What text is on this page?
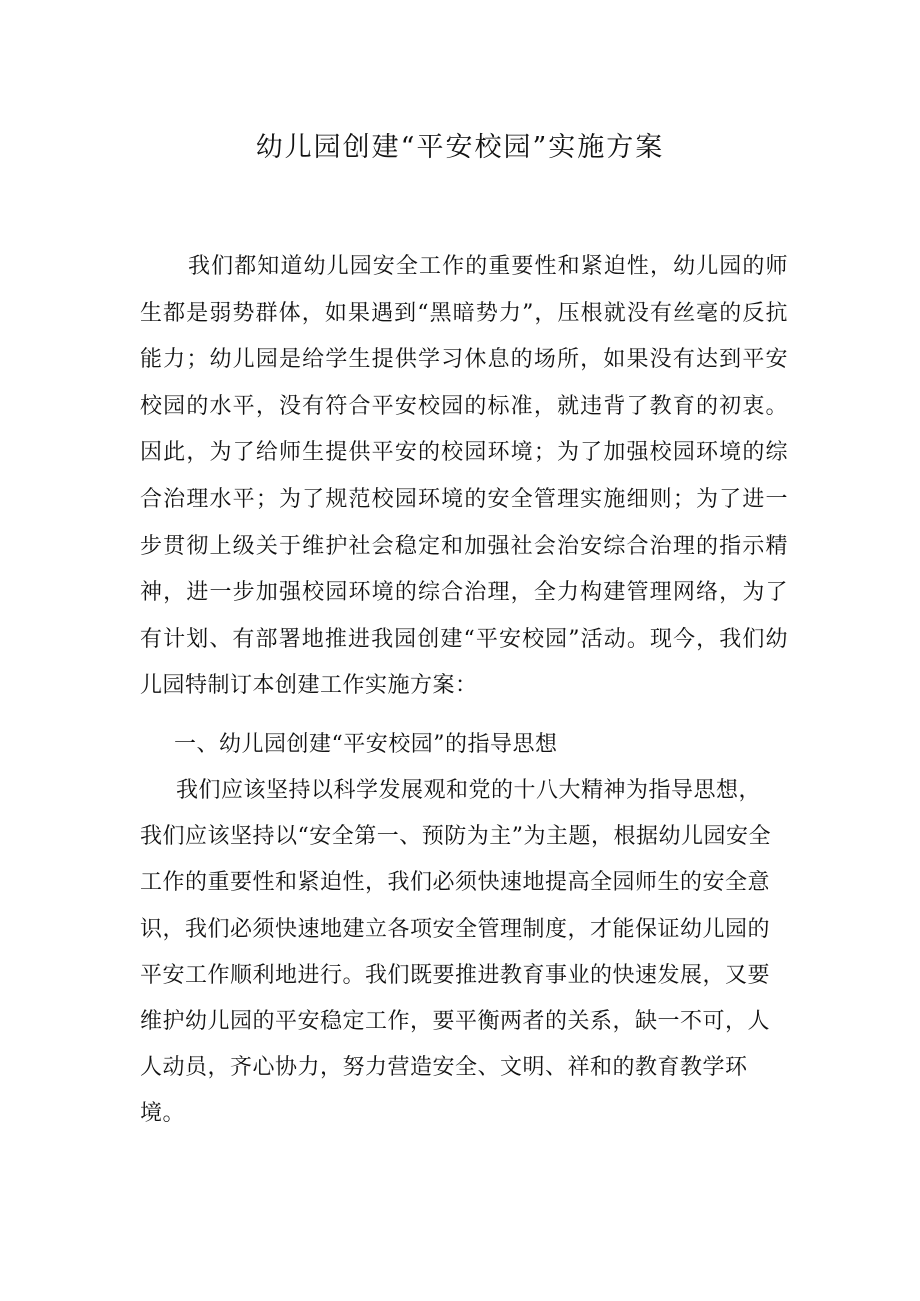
幼儿园创建“平安校园”实施方案

我们都知道幼儿园安全工作的重要性和紧迫性，幼儿园的师生都是弱势群体，如果遇到“黑暗势力”，压根就没有丝毫的反抗能力；幼儿园是给学生提供学习休息的场所，如果没有达到平安校园的水平，没有符合平安校园的标准，就违背了教育的初衷。因此，为了给师生提供平安的校园环境；为了加强校园环境的综合治理水平；为了规范校园环境的安全管理实施细则；为了进一步贯彻上级关于维护社会稳定和加强社会治安综合治理的指示精神，进一步加强校园环境的综合治理，全力构建管理网络，为了有计划、有部署地推进我园创建“平安校园”活动。现今，我们幼儿园特制订本创建工作实施方案：

一、幼儿园创建“平安校园”的指导思想

我们应该坚持以科学发展观和党的十八大精神为指导思想，我们应该坚持以“安全第一、预防为主”为主题，根据幼儿园安全工作的重要性和紧迫性，我们必须快速地提高全园师生的安全意识，我们必须快速地建立各项安全管理制度，才能保证幼儿园的平安工作顺利地进行。我们既要推进教育事业的快速发展，又要维护幼儿园的平安稳定工作，要平衡两者的关系，缺一不可，人人动员，齐心协力，努力营造安全、文明、祥和的教育教学环境。
